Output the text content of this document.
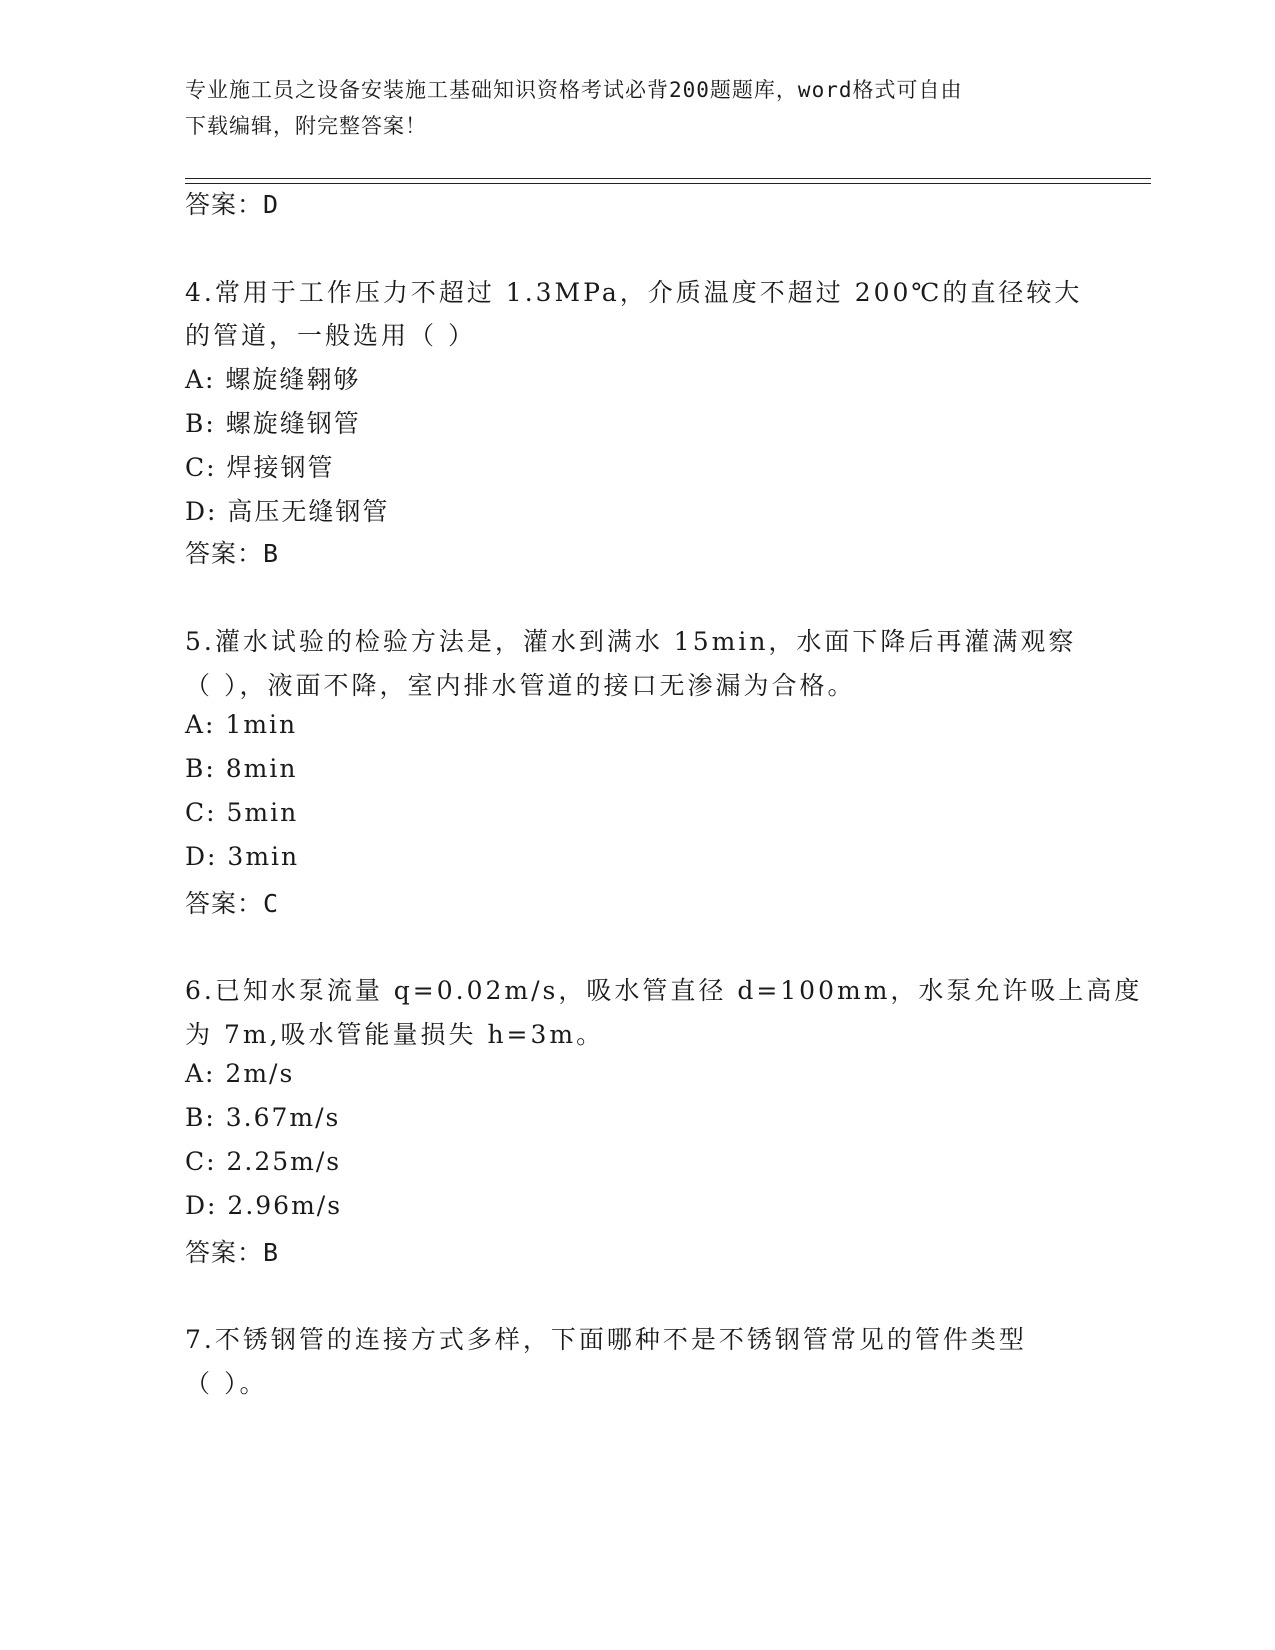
专业施工员之设备安装施工基础知识资格考试必背200题题库，word格式可自由
下载编辑，附完整答案！
答案：D
4.常用于工作压力不超过 1.3MPa，介质温度不超过 200℃的直径较大
的管道，一般选用（ ）
A: 螺旋缝翱够
B: 螺旋缝钢管
C: 焊接钢管
D: 高压无缝钢管
答案：B
5.灌水试验的检验方法是，灌水到满水 15min，水面下降后再灌满观察
（ ），液面不降，室内排水管道的接口无渗漏为合格。
A: 1min
B: 8min
C: 5min
D: 3min
答案：C
6.已知水泵流量 q=0.02m/s，吸水管直径 d=100mm，水泵允许吸上高度
为 7m,吸水管能量损失 h=3m。
A: 2m/s
B: 3.67m/s
C: 2.25m/s
D: 2.96m/s
答案：B
7.不锈钢管的连接方式多样，下面哪种不是不锈钢管常见的管件类型
（ ）。
